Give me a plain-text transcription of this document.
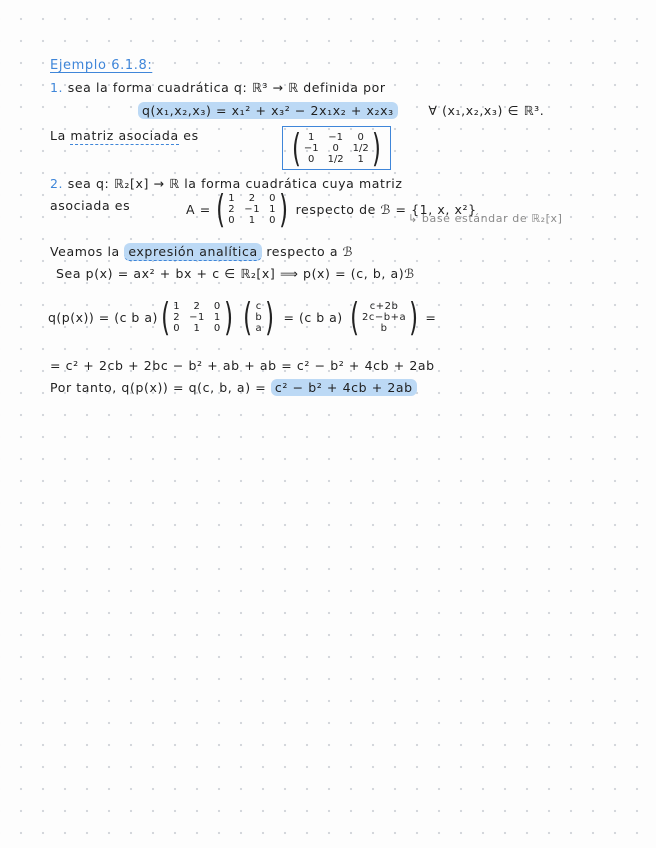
Ejemplo 6.1.8:
1. sea la forma cuadrática q: ℝ³ → ℝ definida por
q(x₁,x₂,x₃) = x₁² + x₃² − 2x₁x₂ + x₂x₃	∀ (x₁,x₂,x₃) ∈ ℝ³.
La matriz asociada es ( 1	−1	0
−1	0	1/2
0	1/2	1 )
2. sea q: ℝ₂[x] → ℝ la forma cuadrática cuya matriz
asociada es	A = ( 1	2	0
2 −1 1
0	1	0 ) respecto de ℬ = {1, x, x²}
↳ base estándar de ℝ₂[x]
Veamos la expresión analítica respecto a ℬ
Sea p(x) = ax² + bx + c ∈ ℝ₂[x] ⟹ p(x) = (c, b, a)ℬ
q(p(x)) = (c b a) ( 1	2	0
2 −1 1
0	1	0 ) ( c
b
a ) = (c b a) (	c+2b
2c−b+a
b ) =
= c² + 2cb + 2bc − b² + ab + ab = c² − b² + 4cb + 2ab
Por tanto, q(p(x)) = q(c, b, a) = c² − b² + 4cb + 2ab
